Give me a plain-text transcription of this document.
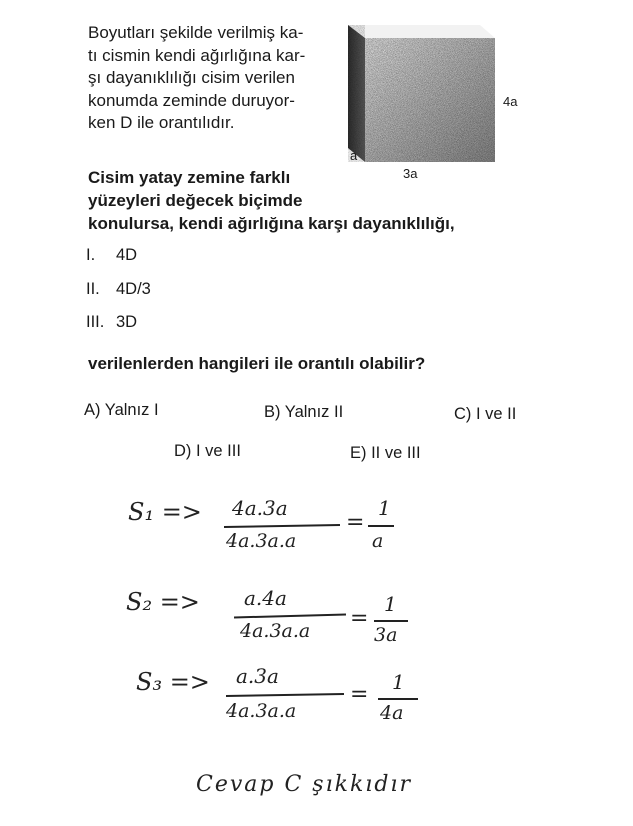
Boyutları şekilde verilmiş ka-
tı cismin kendi ağırlığına kar-
şı dayanıklılığı cisim verilen
konumda zeminde duruyor-
ken D ile orantılıdır.
4a
3a
a
Cisim yatay zemine farklı
yüzeyleri değecek biçimde
konulursa, kendi ağırlığına karşı dayanıklılığı,
I. 4D
II. 4D/3
III. 3D
verilenlerden hangileri ile orantılı olabilir?
A) Yalnız I	B) Yalnız II	C) I ve II
D) I ve III	E) II ve III
S₁ => 4a.3a
4a.3a.a
=
1
a
S₂ => a.4a
4a.3a.a =
1
3a
S₃ => a.3a
4a.3a.a
= 1
4a
Cevap C şıkkıdır
